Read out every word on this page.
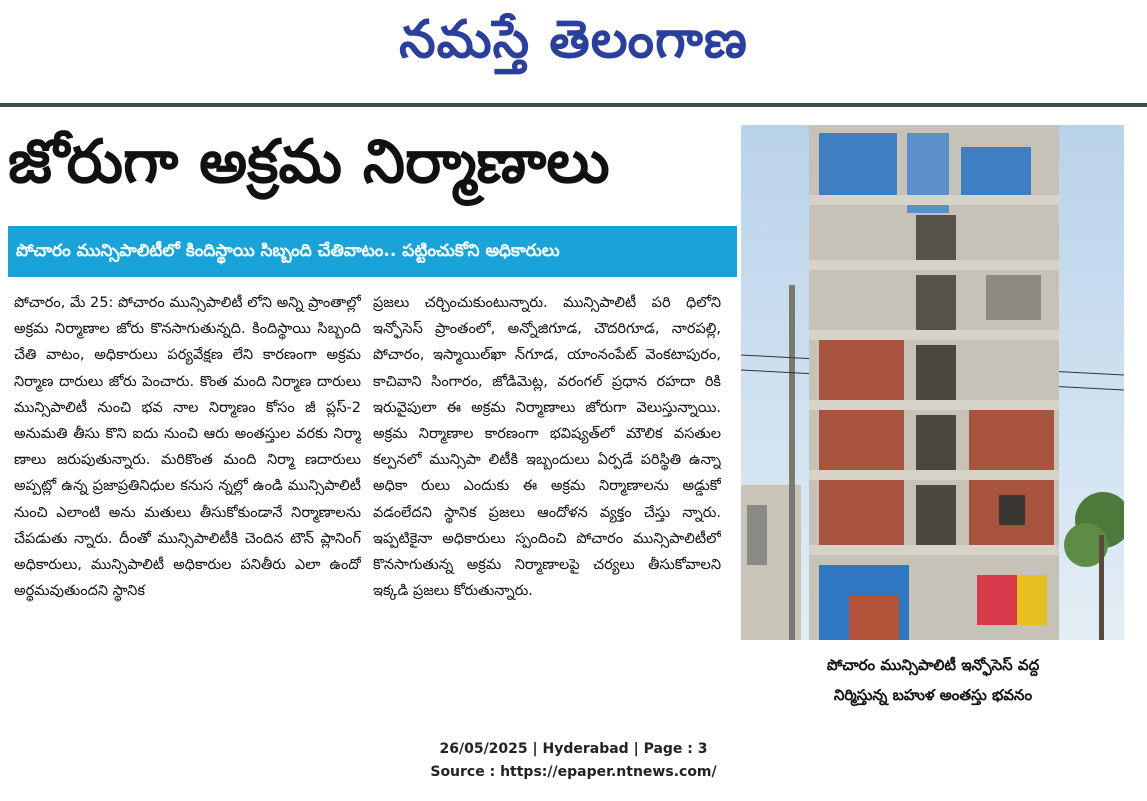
నమస్తే తెలంగాణ
జోరుగా అక్రమ నిర్మాణాలు
పోచారం మున్సిపాలిటీలో కిందిస్థాయి సిబ్బంది చేతివాటం.. పట్టించుకోని అధికారులు
పోచారం, మే 25: పోచారం మున్సిపాలిటీ లోని అన్ని ప్రాంతాల్లో అక్రమ నిర్మాణాల జోరు కొనసాగుతున్నది. కిందిస్థాయి సిబ్బంది చేతి వాటం, అధికారులు పర్యవేక్షణ లేని కారణంగా అక్రమ నిర్మాణ దారులు జోరు పెంచారు. కొంత మంది నిర్మాణ దారులు మున్సిపాలిటీ నుంచి భవ నాల నిర్మాణం కోసం జీ ప్లస్-2 అనుమతి తీసు కొని ఐదు నుంచి ఆరు అంతస్తుల వరకు నిర్మా ణాలు జరుపుతున్నారు. మరికొంత మంది నిర్మా ణదారులు అప్పట్లో ఉన్న ప్రజాప్రతినిధుల కనుస న్నల్లో ఉండి మున్సిపాలిటీ నుంచి ఎలాంటి అను మతులు తీసుకోకుండానే నిర్మాణాలను చేపడుతు న్నారు. దీంతో మున్సిపాలిటీకి చెందిన టౌన్ ప్లానింగ్ అధికారులు, మున్సిపాలిటీ అధికారుల పనితీరు ఎలా ఉందో అర్థమవుతుందని స్థానిక
ప్రజలు చర్చించుకుంటున్నారు. మున్సిపాలిటీ పరి ధిలోని ఇన్ఫోసెస్ ప్రాంతంలో, అన్నోజిగూడ, చౌదరిగూడ, నారపల్లి, పోచారం, ఇస్మాయిల్‌ఖా న్‌గూడ, యాంనంపేట్ వెంకటాపురం, కాచివాని సింగారం, జోడిమెట్ల, వరంగల్ ప్రధాన రహదా రికి ఇరువైపులా ఈ అక్రమ నిర్మాణాలు జోరుగా వెలుస్తున్నాయి. అక్రమ నిర్మాణాల కారణంగా భవిష్యత్‌లో మౌలిక వసతుల కల్పనలో మున్సిపా లిటీకి ఇబ్బందులు ఏర్పడే పరిస్థితి ఉన్నా అధికా రులు ఎందుకు ఈ అక్రమ నిర్మాణాలను అడ్డుకో వడంలేదని స్థానిక ప్రజలు ఆందోళన వ్యక్తం చేస్తు న్నారు. ఇప్పటికైనా అధికారులు స్పందించి పోచారం మున్సిపాలిటీలో కొనసాగుతున్న అక్రమ నిర్మాణాలపై చర్యలు తీసుకోవాలని ఇక్కడి ప్రజలు కోరుతున్నారు.
పోచారం మున్సిపాలిటీ ఇన్ఫోసెస్ వద్ద
నిర్మిస్తున్న బహుళ అంతస్తు భవనం
26/05/2025 | Hyderabad | Page : 3
Source : https://epaper.ntnews.com/
